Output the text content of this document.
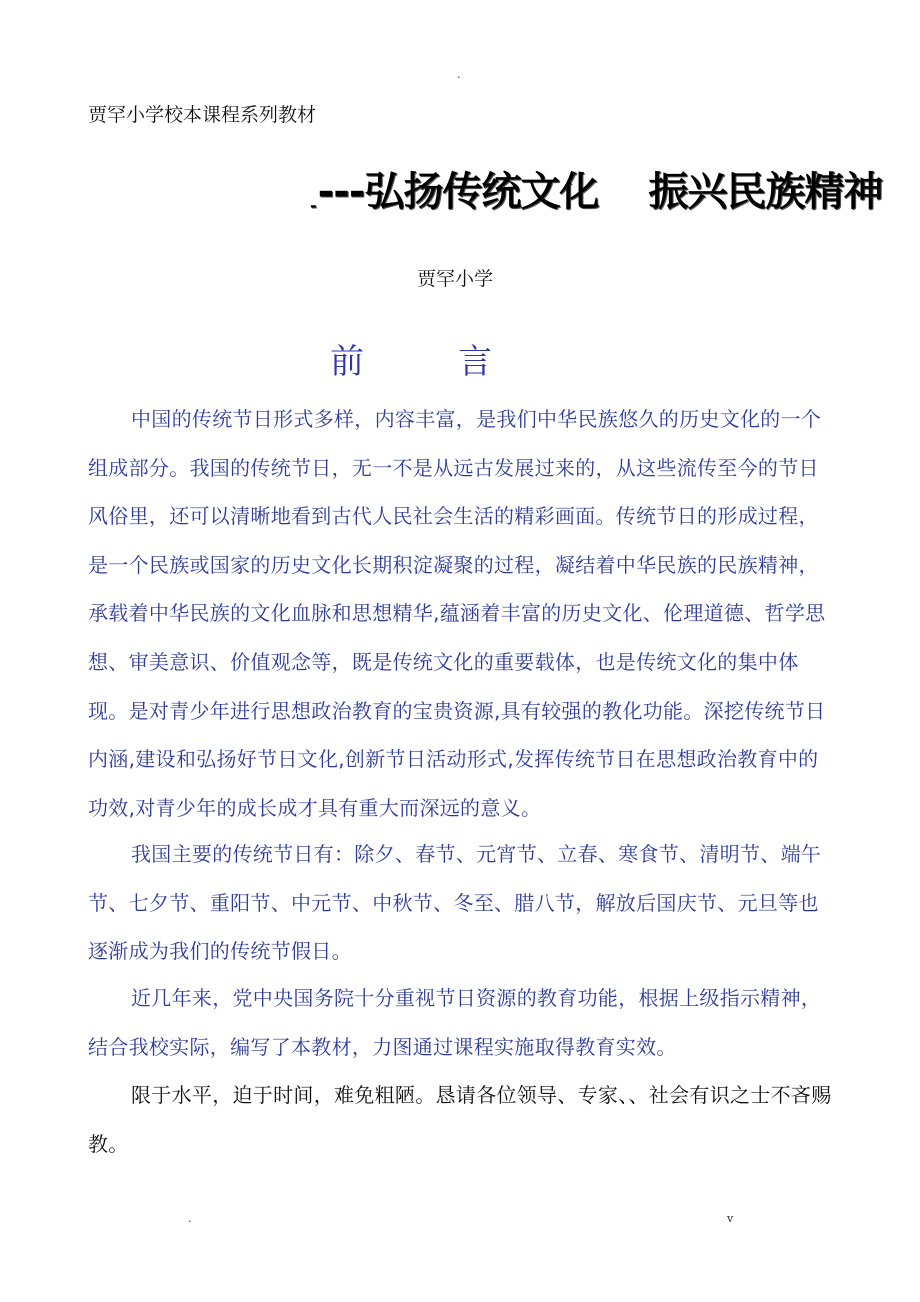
.
贾罕小学校本课程系列教材
----弘扬传统文化 振兴民族精神
贾罕小学
前	言

中国的传统节日形式多样，内容丰富，是我们中华民族悠久的历史文化的一个组成部分。我国的传统节日，无一不是从远古发展过来的，从这些流传至今的节日风俗里，还可以清晰地看到古代人民社会生活的精彩画面。传统节日的形成过程，是一个民族或国家的历史文化长期积淀凝聚的过程，凝结着中华民族的民族精神，承载着中华民族的文化血脉和思想精华,蕴涵着丰富的历史文化、伦理道德、哲学思想、审美意识、价值观念等，既是传统文化的重要载体，也是传统文化的集中体现。是对青少年进行思想政治教育的宝贵资源,具有较强的教化功能。深挖传统节日内涵,建设和弘扬好节日文化,创新节日活动形式,发挥传统节日在思想政治教育中的功效,对青少年的成长成才具有重大而深远的意义。

我国主要的传统节日有：除夕、春节、元宵节、立春、寒食节、清明节、端午节、七夕节、重阳节、中元节、中秋节、冬至、腊八节，解放后国庆节、元旦等也逐渐成为我们的传统节假日。

近几年来，党中央国务院十分重视节日资源的教育功能，根据上级指示精神，结合我校实际，编写了本教材，力图通过课程实施取得教育实效。

限于水平，迫于时间，难免粗陋。恳请各位领导、专家、、社会有识之士不吝赐教。

.	v
